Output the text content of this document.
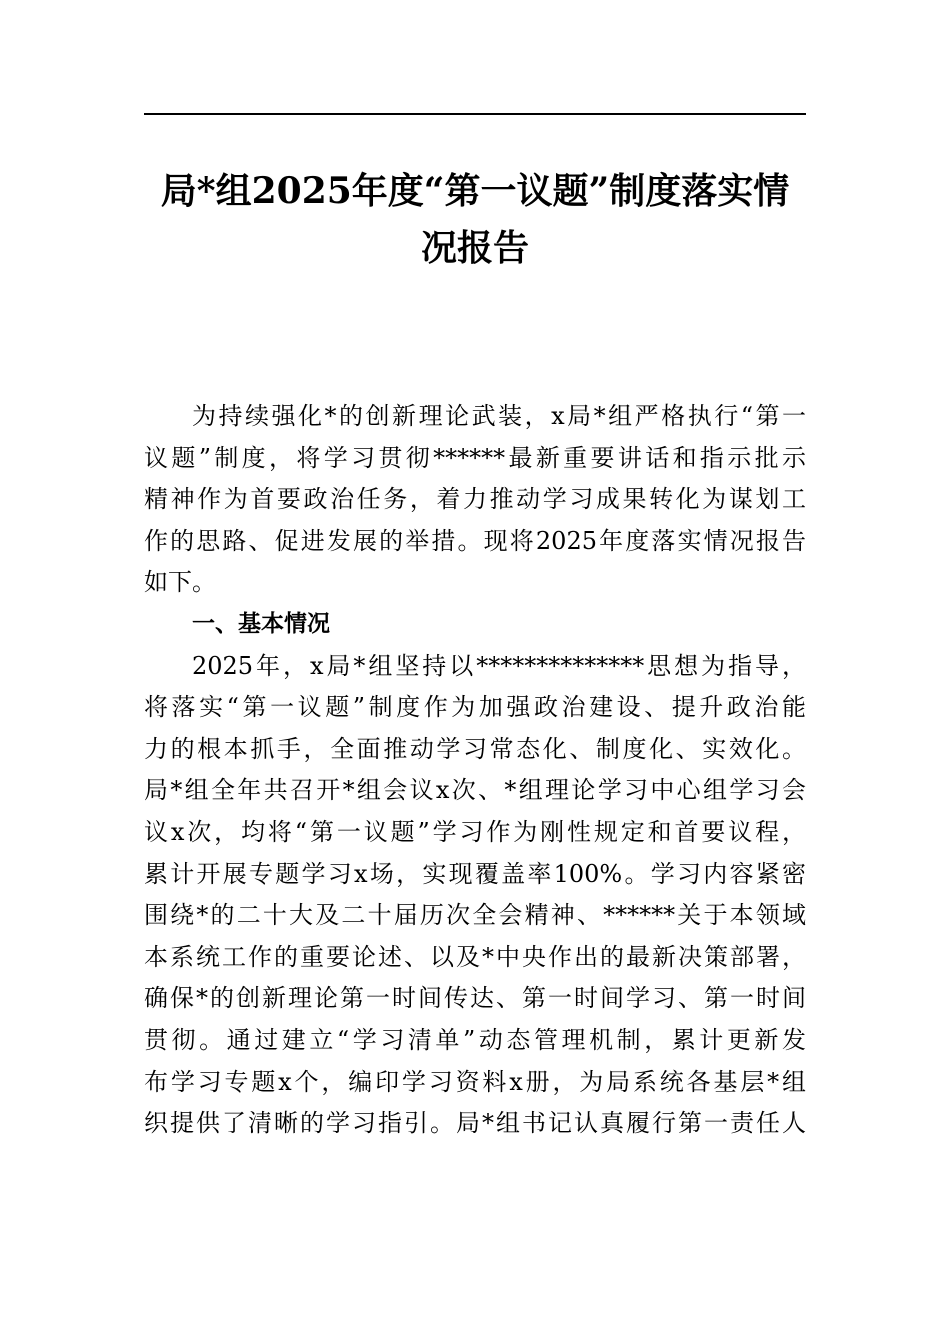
局*组2025年度“第一议题”制度落实情
况报告
为持续强化*的创新理论武装，x局*组严格执行“第一
议题”制度，将学习贯彻******最新重要讲话和指示批示
精神作为首要政治任务，着力推动学习成果转化为谋划工
作的思路、促进发展的举措。现将2025年度落实情况报告
如下。

一、基本情况

2025年，x局*组坚持以**************思想为指导，
将落实“第一议题”制度作为加强政治建设、提升政治能
力的根本抓手，全面推动学习常态化、制度化、实效化。
局*组全年共召开*组会议x次、*组理论学习中心组学习会
议x次，均将“第一议题”学习作为刚性规定和首要议程，
累计开展专题学习x场，实现覆盖率100%。学习内容紧密
围绕*的二十大及二十届历次全会精神、******关于本领域
本系统工作的重要论述、以及*中央作出的最新决策部署，
确保*的创新理论第一时间传达、第一时间学习、第一时间
贯彻。通过建立“学习清单”动态管理机制，累计更新发
布学习专题x个，编印学习资料x册，为局系统各基层*组
织提供了清晰的学习指引。局*组书记认真履行第一责任人
